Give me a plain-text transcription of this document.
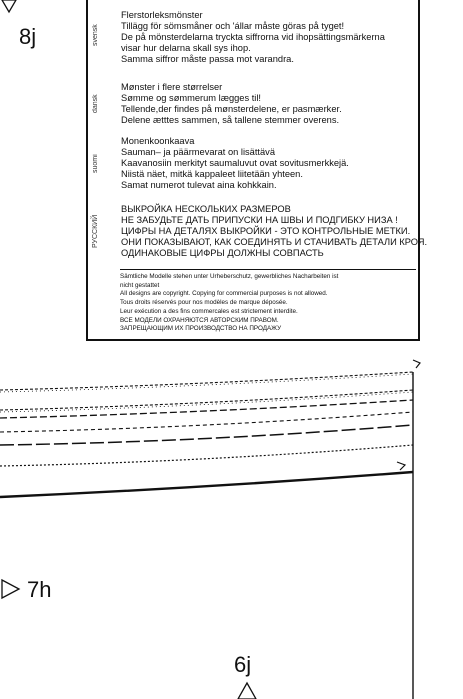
8j
7h
6j
svensk
Flerstorleksmönster
Tillägg för sömsmåner och 'állar måste göras på tyget!
De på mönsterdelarna tryckta siffrorna vid ihopsättingsmärkerna
visar hur delarna skall sys ihop.
Samma siffror måste passa mot varandra.
dansk
Mønster i flere størrelser
Sømme og sømmerum lægges til!
Tellende,der findes på mønsterdelene, er pasmærker.
Delene ætttes sammen, så tallene stemmer overens.
suomi
Monenkoonkaava
Sauman– ja päärmevarat on lisättävä
Kaavanosiin merkityt saumaluvut ovat sovitusmerkkejä.
Niistä näet, mitkä kappaleet liitetään yhteen.
Samat numerot tulevat aina kohkkain.
РУССКИЙ
ВЫКРОЙКА НЕСКОЛЬКИХ РАЗМЕРОВ
НЕ ЗАБУДЬТЕ ДАТЬ ПРИПУСКИ НА ШВЫ И ПОДГИБКУ НИЗА !
ЦИФРЫ НА ДЕТАЛЯХ ВЫКРОЙКИ - ЭТО КОНТРОЛЬНЫЕ МЕТКИ.
ОНИ ПОКАЗЫВАЮТ, КАК СОЕДИНЯТЬ И СТАЧИВАТЬ ДЕТАЛИ КРОЯ.
ОДИНАКОВЫЕ ЦИФРЫ ДОЛЖНЫ СОВПАСТЬ
Sämtliche Modelle stehen unter Urheberschutz, gewerbliches Nacharbeiten ist
nicht gestattet
All designs are copyright. Copying for commercial purposes is not allowed.
Tous droits réservés pour nos modèles de marque déposée.
Leur exécution a des fins commercales est strictement interdite.
ВСЕ МОДЕЛИ ОХРАНЯЮТСЯ АВТОРСКИМ ПРАВОМ.
ЗАПРЕЩАЮЩИМ ИХ ПРОИЗВОДСТВО НА ПРОДАЖУ
